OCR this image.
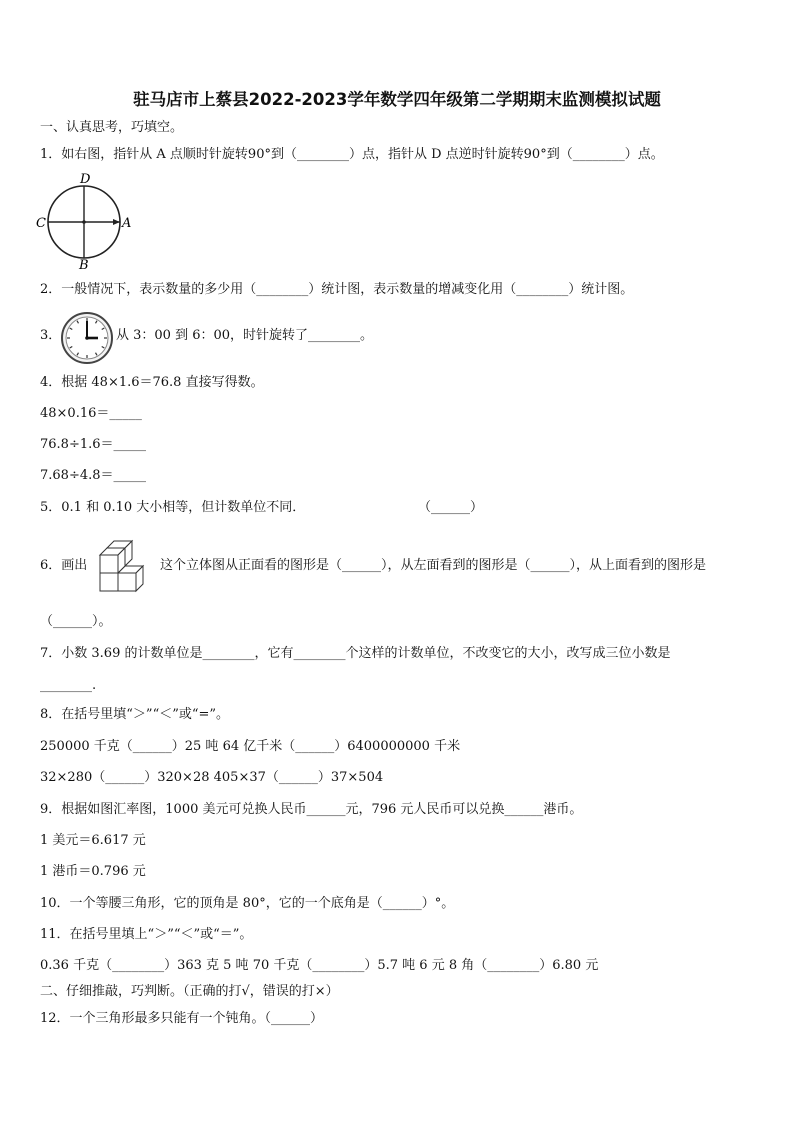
驻马店市上蔡县2022-2023学年数学四年级第二学期期末监测模拟试题
一、认真思考，巧填空。
1．如右图，指针从 A 点顺时针旋转90°到（________）点，指针从 D 点逆时针旋转90°到（________）点。
D
B
C	A
2．一般情况下，表示数量的多少用（________）统计图，表示数量的增减变化用（________）统计图。
3．	从 3：00 到 6：00，时针旋转了________。
4．根据 48×1.6＝76.8 直接写得数。
48×0.16＝_____
76.8÷1.6＝_____
7.68÷4.8＝_____
5．0.1 和 0.10 大小相等，但计数单位不同．	（______）
6．画出	这个立体图从正面看的图形是（______），从左面看到的图形是（______），从上面看到的图形是
（______）。
7．小数 3.69 的计数单位是________，它有________个这样的计数单位，不改变它的大小，改写成三位小数是
________.
8．在括号里填“＞”“＜”或“=”。
250000 千克（______）25 吨 64 亿千米（______）6400000000 千米
32×280（______）320×28 405×37（______）37×504
9．根据如图汇率图，1000 美元可兑换人民币______元，796 元人民币可以兑换______港币。
1 美元＝6.617 元
1 港币＝0.796 元
10．一个等腰三角形，它的顶角是 80°，它的一个底角是（______）°。
11．在括号里填上“＞”“＜”或“＝”。
0.36 千克（________）363 克 5 吨 70 千克（________）5.7 吨 6 元 8 角（________）6.80 元
二、仔细推敲，巧判断。（正确的打√，错误的打×）
12．一个三角形最多只能有一个钝角。（______）
